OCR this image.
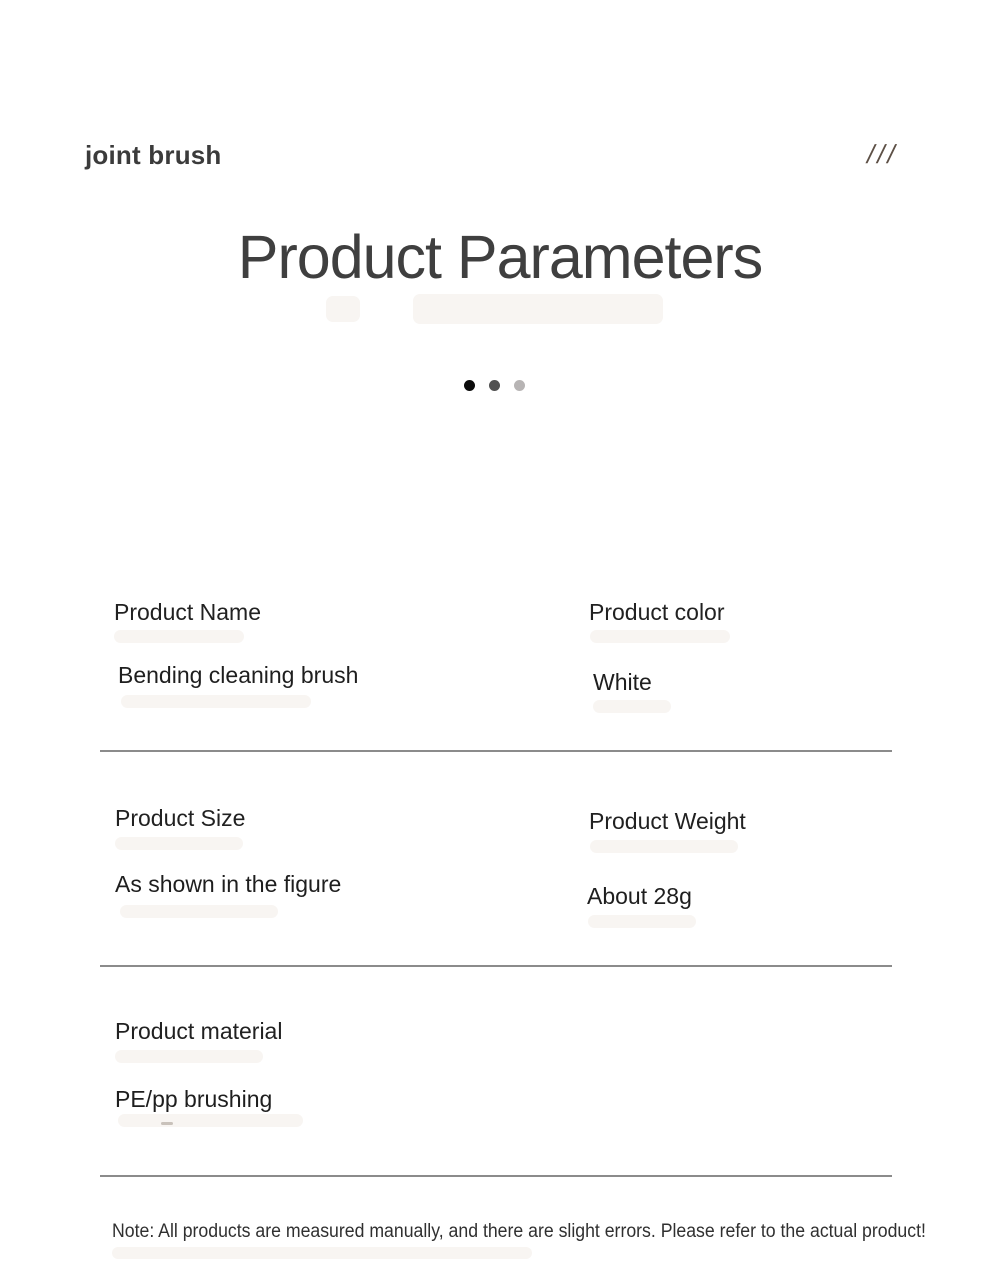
joint brush	///
Product Parameters
Product Name
Bending cleaning brush
Product color
White
Product Size
As shown in the figure
Product Weight
About 28g
Product material
PE/pp brushing
Note: All products are measured manually, and there are slight errors. Please refer to the actual product!
